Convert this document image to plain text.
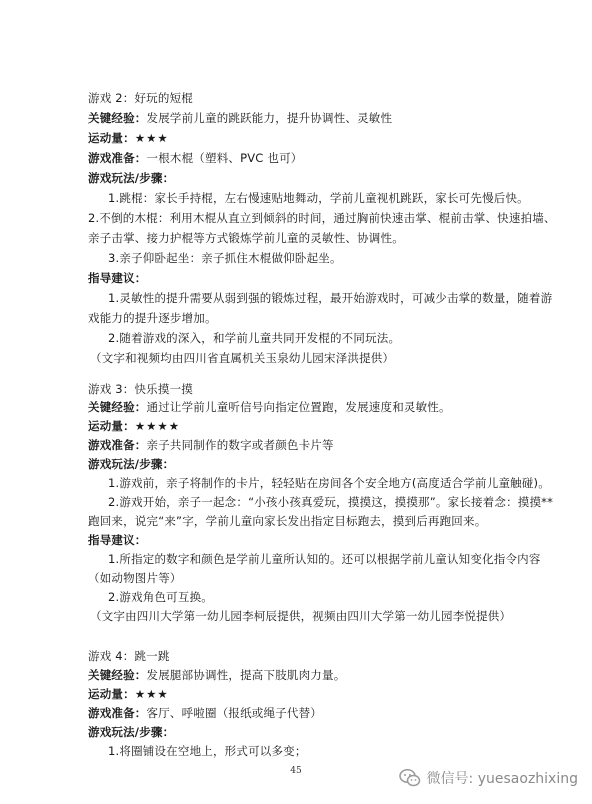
游戏 2：好玩的短棍
关键经验：发展学前儿童的跳跃能力，提升协调性、灵敏性
运动量：★★★
游戏准备：一根木棍（塑料、PVC 也可）
游戏玩法/步骤：
1.跳棍：家长手持棍，左右慢速贴地舞动，学前儿童视机跳跃，家长可先慢后快。
2.不倒的木棍：利用木棍从直立到倾斜的时间，通过胸前快速击掌、棍前击掌、快速拍墙、
亲子击掌、接力护棍等方式锻炼学前儿童的灵敏性、协调性。
3.亲子仰卧起坐：亲子抓住木棍做仰卧起坐。
指导建议：
1.灵敏性的提升需要从弱到强的锻炼过程，最开始游戏时，可减少击掌的数量，随着游
戏能力的提升逐步增加。
2.随着游戏的深入，和学前儿童共同开发棍的不同玩法。
（文字和视频均由四川省直属机关玉泉幼儿园宋泽洪提供）
游戏 3：快乐摸一摸
关键经验：通过让学前儿童听信号向指定位置跑，发展速度和灵敏性。
运动量：★★★★
游戏准备：亲子共同制作的数字或者颜色卡片等
游戏玩法/步骤：
1.游戏前，亲子将制作的卡片，轻轻贴在房间各个安全地方(高度适合学前儿童触碰)。
2.游戏开始，亲子一起念：“小孩小孩真爱玩，摸摸这，摸摸那”。家长接着念：摸摸**
跑回来，说完“来”字，学前儿童向家长发出指定目标跑去，摸到后再跑回来。
指导建议：
1.所指定的数字和颜色是学前儿童所认知的。还可以根据学前儿童认知变化指令内容
（如动物图片等）
2.游戏角色可互换。
（文字由四川大学第一幼儿园李柯辰提供，视频由四川大学第一幼儿园李悦提供）
游戏 4：跳一跳
关键经验：发展腿部协调性，提高下肢肌肉力量。
运动量：★★★
游戏准备：客厅、呼啦圈（报纸或绳子代替）
游戏玩法/步骤：
1.将圈铺设在空地上，形式可以多变；
45	微信号: yuesaozhixing
